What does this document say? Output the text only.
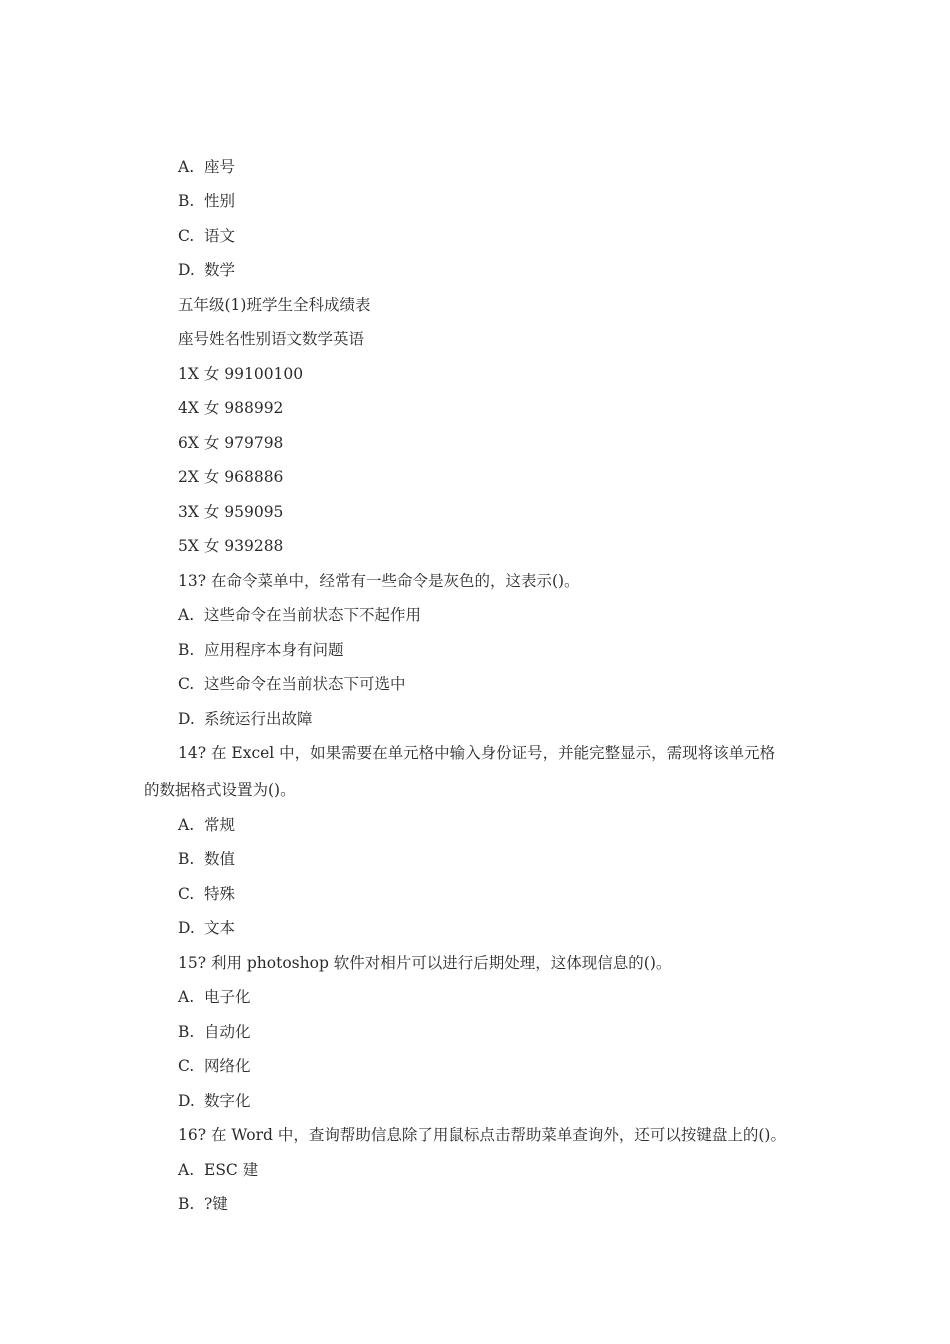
A. 座号
B. 性别
C. 语文
D. 数学
五年级(1)班学生全科成绩表
座号姓名性别语文数学英语
1X 女 99100100
4X 女 988992
6X 女 979798
2X 女 968886
3X 女 959095
5X 女 939288
13? 在命令菜单中，经常有一些命令是灰色的，这表示()。
A. 这些命令在当前状态下不起作用
B. 应用程序本身有问题
C. 这些命令在当前状态下可选中
D. 系统运行出故障
14? 在 Excel 中，如果需要在单元格中输入身份证号，并能完整显示，需现将该单元格
的数据格式设置为()。
A. 常规
B. 数值
C. 特殊
D. 文本
15? 利用 photoshop 软件对相片可以进行后期处理，这体现信息的()。
A. 电子化
B. 自动化
C. 网络化
D. 数字化
16? 在 Word 中，查询帮助信息除了用鼠标点击帮助菜单查询外，还可以按键盘上的()。
A. ESC 建
B. ?键
